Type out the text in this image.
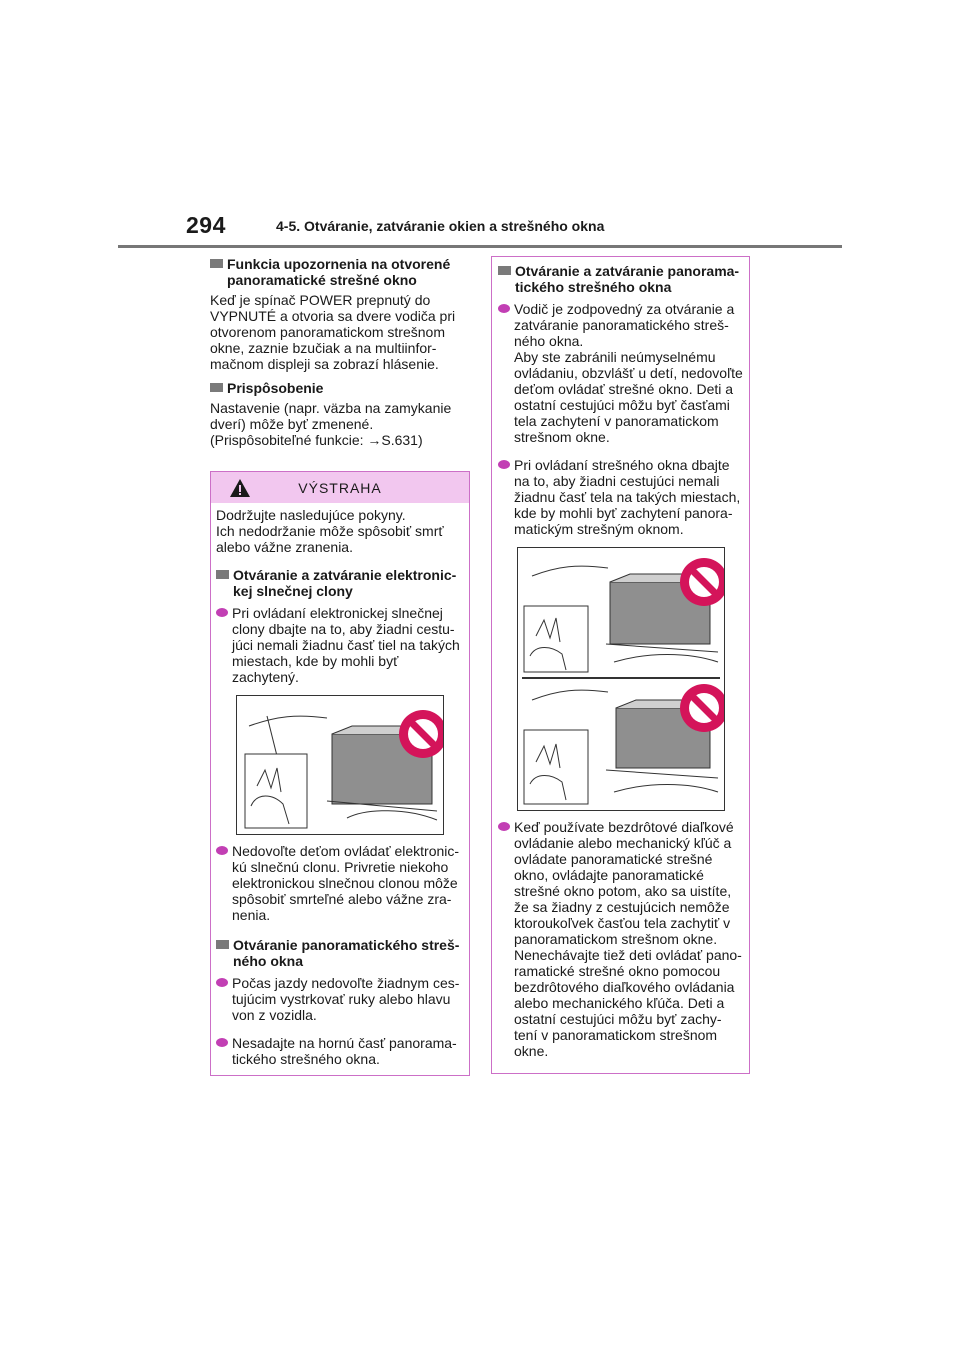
294	4-5. Otváranie, zatváranie okien a strešného okna
Funkcia upozornenia na otvorené panoramatické strešné okno

Keď je spínač POWER prepnutý do VYPNUTÉ a otvoria sa dvere vodiča pri otvorenom panoramatickom strešnom okne, zaznie bzučiak a na multiinfor- mačnom displeji sa zobrazí hlásenie.

Prispôsobenie

Nastavenie (napr. väzba na zamykanie dverí) môže byť zmenené.

(Prispôsobiteľné funkcie: →S.631)

VÝSTRAHA

Dodržujte nasledujúce pokyny.

Ich nedodržanie môže spôsobiť smrť alebo vážne zranenia.

Otváranie a zatváranie elektronic- kej slnečnej clony
Pri ovládaní elektronickej slnečnej clony dbajte na to, aby žiadni cestu- júci nemali žiadnu časť tiel na takých miestach, kde by mohli byť zachytený.
Nedovoľte deťom ovládať elektronic- kú slnečnú clonu. Privretie niekoho elektronickou slnečnou clonou môže spôsobiť smrteľné alebo vážne zra- nenia.
Otváranie panoramatického streš- ného okna
Počas jazdy nedovoľte žiadnym ces- tujúcim vystrkovať ruky alebo hlavu von z vozidla.
Nesadajte na hornú časť panorama- tického strešného okna.
Otváranie a zatváranie panorama- tického strešného okna
Vodič je zodpovedný za otváranie a zatváranie panoramatického streš- ného okna.
Aby ste zabránili neúmyselnému ovládaniu, obzvlášť u detí, nedovoľte deťom ovládať strešné okno. Deti a ostatní cestujúci môžu byť časťami tela zachytení v panoramatickom strešnom okne.
Pri ovládaní strešného okna dbajte na to, aby žiadni cestujúci nemali žiadnu časť tela na takých miestach, kde by mohli byť zachytení panora- matickým strešným oknom.
Keď používate bezdrôtové diaľkové ovládanie alebo mechanický kľúč a ovládate panoramatické strešné okno, ovládajte panoramatické strešné okno potom, ako sa uistíte, že sa žiadny z cestujúcich nemôže ktoroukoľvek časťou tela zachytiť v panoramatickom strešnom okne.
Nenechávajte tiež deti ovládať pano- ramatické strešné okno pomocou bezdrôtového diaľkového ovládania alebo mechanického kľúča. Deti a ostatní cestujúci môžu byť zachy- tení v panoramatickom strešnom okne.
